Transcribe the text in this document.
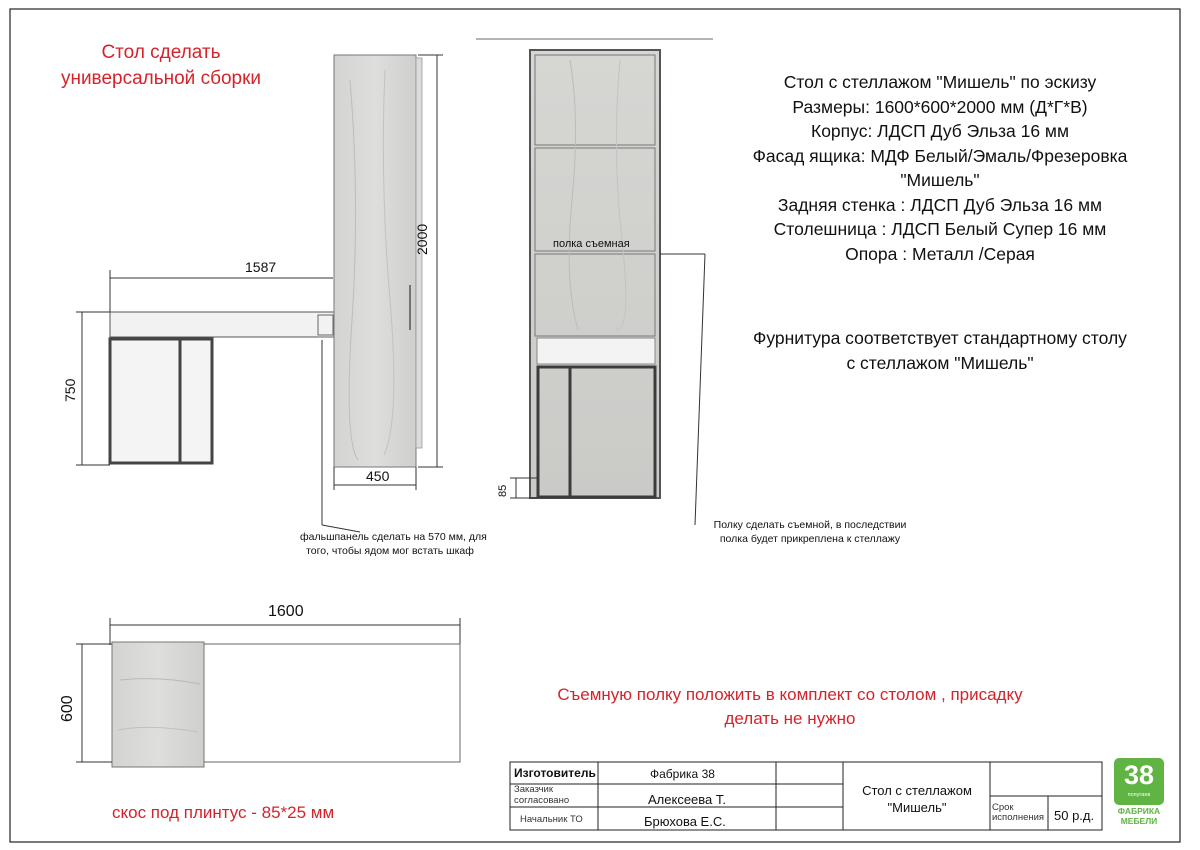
Стол сделать
универсальной сборки
Съемную полку положить в комплект со столом , присадку
делать не нужно
скос под плинтус - 85*25 мм
1587
2000
750
450
85
1600
600
фальшпанель сделать на 570 мм, для
того, чтобы ядом мог встать шкаф
полка съемная
Полку сделать съемной, в последствии
полка будет прикреплена к стеллажу
Стол с стеллажом "Мишель" по эскизу
Размеры: 1600*600*2000 мм (Д*Г*В)
Корпус: ЛДСП Дуб Эльза 16 мм
Фасад ящика: МДФ Белый/Эмаль/Фрезеровка
"Мишель"
Задняя стенка : ЛДСП Дуб Эльза 16 мм
Столешница : ЛДСП Белый Супер 16 мм
Опора : Металл /Серая
Фурнитура соответствует стандартному столу
с стеллажом "Мишель"
Изготовитель	Фабрика 38
Заказчик
согласовано	Алексеева Т.
Начальник ТО	Брюхова Е.С.
Стол с стеллажом
"Мишель"	Срок
исполнения 50 р.д.
38
попугаев
ФАБРИКА
МЕБЕЛИ
